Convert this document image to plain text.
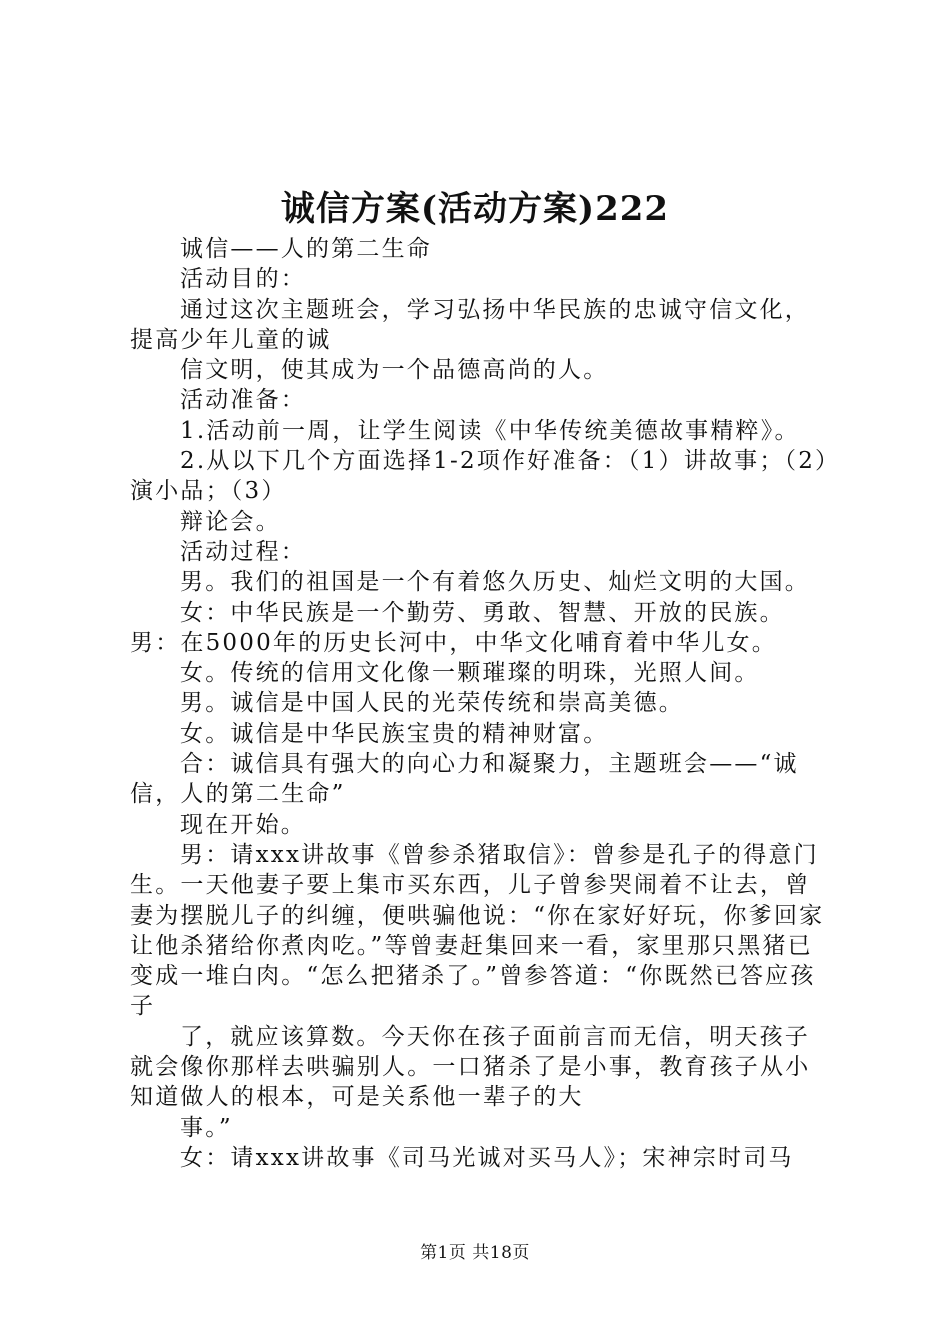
诚信方案(活动方案)222

诚信——人的第二生命

活动目的：

通过这次主题班会，学习弘扬中华民族的忠诚守信文化，提高少年儿童的诚

信文明，使其成为一个品德高尚的人。

活动准备：

1.活动前一周，让学生阅读《中华传统美德故事精粹》。

2.从以下几个方面选择1-2项作好准备：（1）讲故事；（2）演小品；（3）

辩论会。

活动过程：

男。我们的祖国是一个有着悠久历史、灿烂文明的大国。

女：中华民族是一个勤劳、勇敢、智慧、开放的民族。男：在5000年的历史长河中，中华文化哺育着中华儿女。

女。传统的信用文化像一颗璀璨的明珠，光照人间。

男。诚信是中国人民的光荣传统和崇高美德。

女。诚信是中华民族宝贵的精神财富。

合：诚信具有强大的向心力和凝聚力，主题班会——“诚信，人的第二生命”

现在开始。

男：请xxx讲故事《曾参杀猪取信》：曾参是孔子的得意门生。一天他妻子要上集市买东西，儿子曾参哭闹着不让去，曾妻为摆脱儿子的纠缠，便哄骗他说：“你在家好好玩，你爹回家让他杀猪给你煮肉吃。”等曾妻赶集回来一看，家里那只黑猪已变成一堆白肉。“怎么把猪杀了。”曾参答道：“你既然已答应孩子

了，就应该算数。今天你在孩子面前言而无信，明天孩子就会像你那样去哄骗别人。一口猪杀了是小事，教育孩子从小知道做人的根本，可是关系他一辈子的大

事。”

女：请xxx讲故事《司马光诚对买马人》；宋神宗时司马

第1页 共18页
